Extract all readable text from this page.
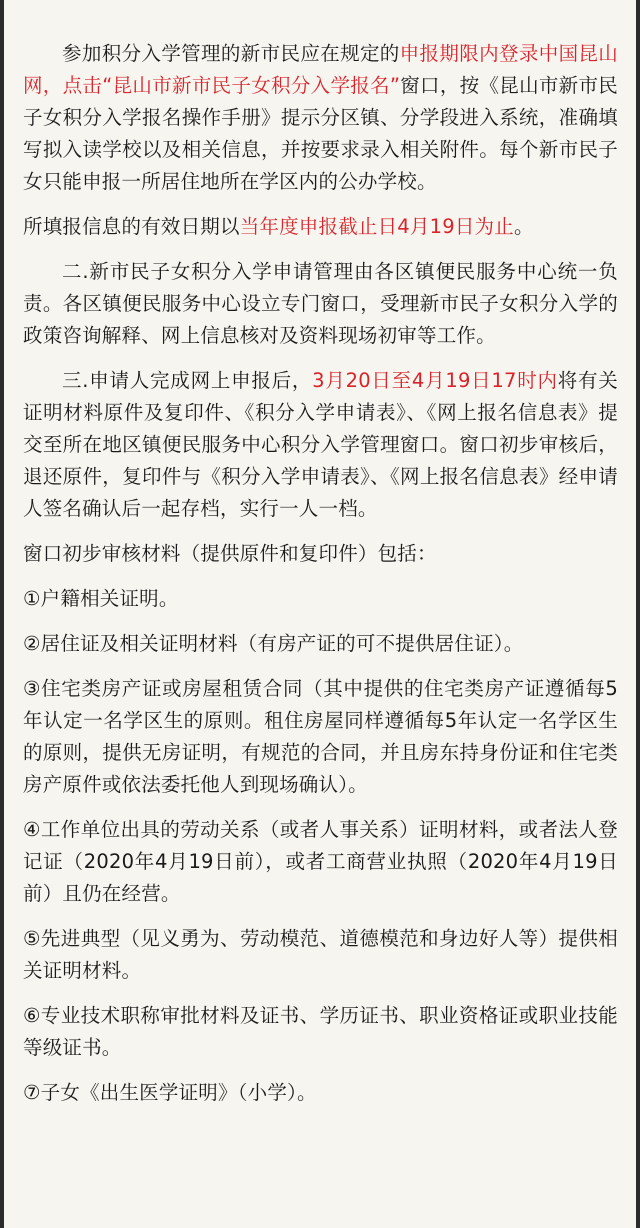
参加积分入学管理的新市民应在规定的申报期限内登录中国昆山网，点击“昆山市新市民子女积分入学报名”窗口，按《昆山市新市民子女积分入学报名操作手册》提示分区镇、分学段进入系统，准确填写拟入读学校以及相关信息，并按要求录入相关附件。每个新市民子女只能申报一所居住地所在学区内的公办学校。

所填报信息的有效日期以当年度申报截止日4月19日为止。

二.新市民子女积分入学申请管理由各区镇便民服务中心统一负责。各区镇便民服务中心设立专门窗口，受理新市民子女积分入学的政策咨询解释、网上信息核对及资料现场初审等工作。

三.申请人完成网上申报后，3月20日至4月19日17时内将有关证明材料原件及复印件、《积分入学申请表》、《网上报名信息表》提交至所在地区镇便民服务中心积分入学管理窗口。窗口初步审核后，退还原件，复印件与《积分入学申请表》、《网上报名信息表》经申请人签名确认后一起存档，实行一人一档。

窗口初步审核材料（提供原件和复印件）包括：

①户籍相关证明。

②居住证及相关证明材料（有房产证的可不提供居住证）。

③住宅类房产证或房屋租赁合同（其中提供的住宅类房产证遵循每5年认定一名学区生的原则。租住房屋同样遵循每5年认定一名学区生的原则，提供无房证明，有规范的合同，并且房东持身份证和住宅类房产原件或依法委托他人到现场确认）。

④工作单位出具的劳动关系（或者人事关系）证明材料，或者法人登记证（2020年4月19日前），或者工商营业执照（2020年4月19日前）且仍在经营。

⑤先进典型（见义勇为、劳动模范、道德模范和身边好人等）提供相关证明材料。

⑥专业技术职称审批材料及证书、学历证书、职业资格证或职业技能等级证书。

⑦子女《出生医学证明》（小学）。
